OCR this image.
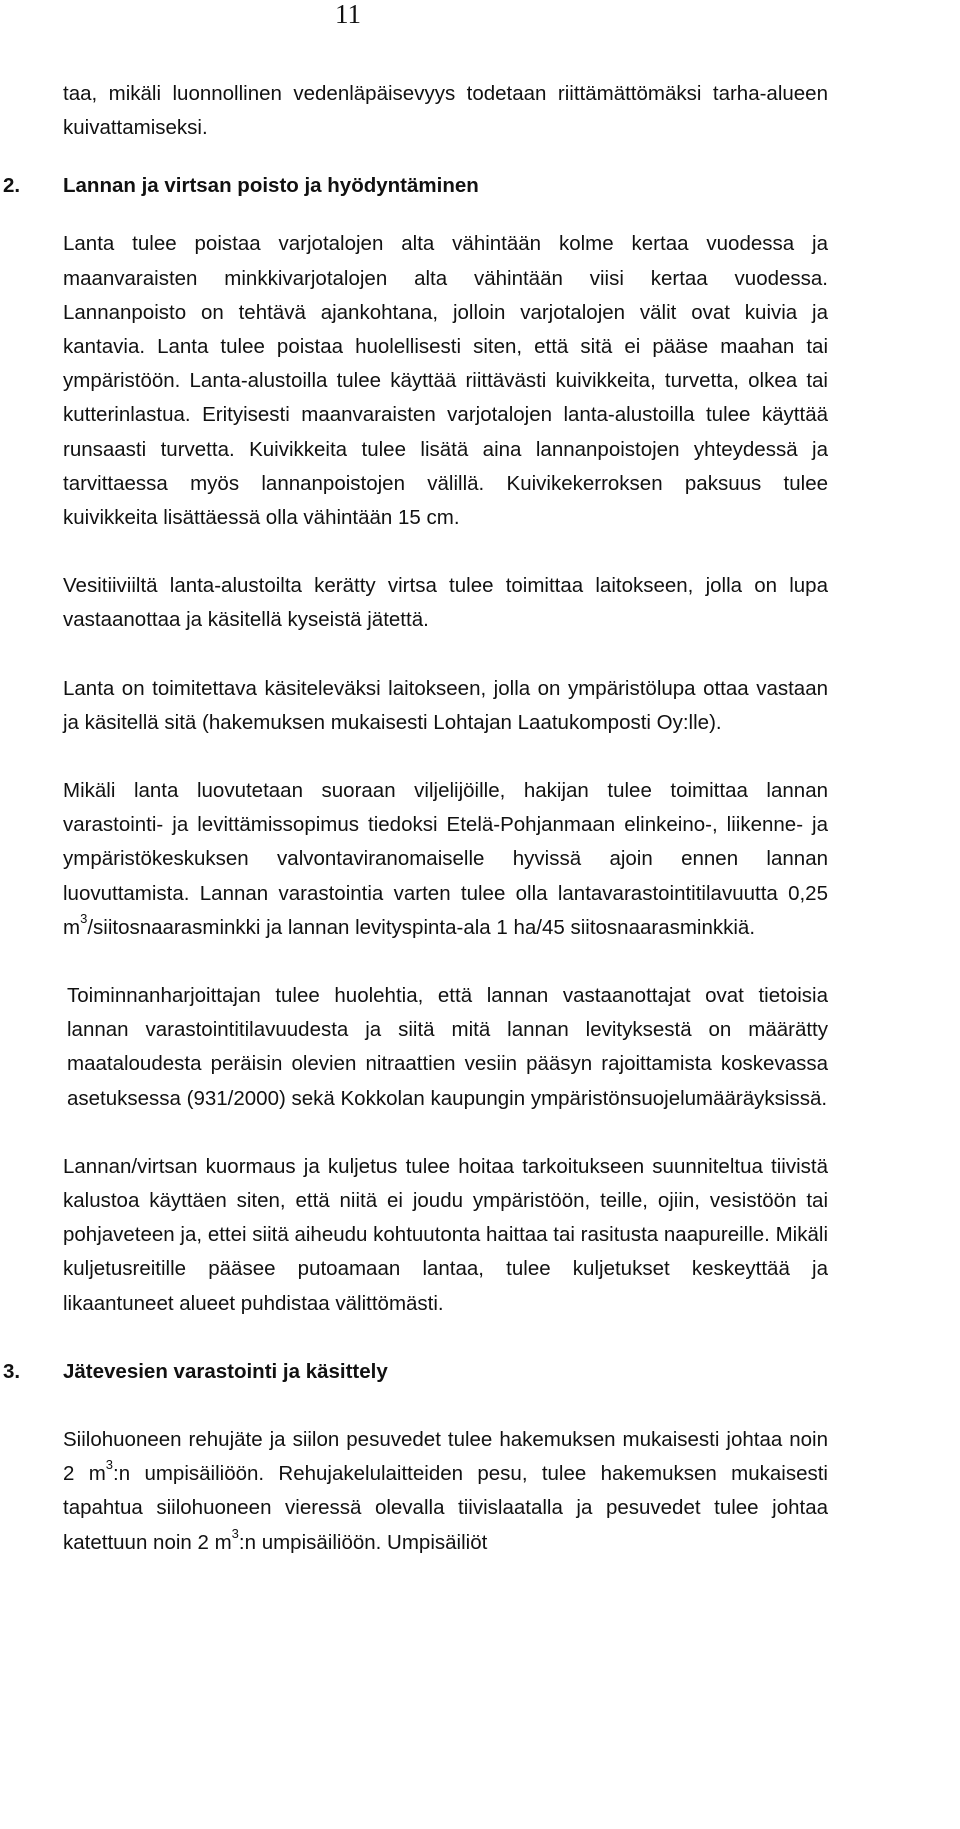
11

taa, mikäli luonnollinen vedenläpäisevyys todetaan riittämättömäksi tarha-alueen kuivattamiseksi.

2. Lannan ja virtsan poisto ja hyödyntäminen

Lanta tulee poistaa varjotalojen alta vähintään kolme kertaa vuodessa ja maanvaraisten minkkivarjotalojen alta vähintään viisi kertaa vuodessa. Lannanpoisto on tehtävä ajankohtana, jolloin varjotalojen välit ovat kuivia ja kantavia. Lanta tulee poistaa huolellisesti siten, että sitä ei pääse maahan tai ympäristöön. Lanta-alustoilla tulee käyttää riittävästi kuivikkeita, turvetta, olkea tai kutterinlastua. Erityisesti maanvaraisten varjotalojen lanta-alustoilla tulee käyttää runsaasti turvetta. Kuivikkeita tulee lisätä aina lannanpoistojen yhteydessä ja tarvittaessa myös lannanpoistojen välillä. Kuivikekerroksen paksuus tulee kuivikkeita lisättäessä olla vähintään 15 cm.

Vesitiiviiltä lanta-alustoilta kerätty virtsa tulee toimittaa laitokseen, jolla on lupa vastaanottaa ja käsitellä kyseistä jätettä.

Lanta on toimitettava käsiteleväksi laitokseen, jolla on ympäristölupa ottaa vastaan ja käsitellä sitä (hakemuksen mukaisesti Lohtajan Laatukomposti Oy:lle).

Mikäli lanta luovutetaan suoraan viljelijöille, hakijan tulee toimittaa lannan varastointi- ja levittämissopimus tiedoksi Etelä-Pohjanmaan elinkeino-, liikenne- ja ympäristökeskuksen valvontaviranomaiselle hyvissä ajoin ennen lannan luovuttamista. Lannan varastointia varten tulee olla lantavarastointitilavuutta 0,25 $m^3$/siitosnaarasminkki ja lannan levityspinta-ala 1 ha/45 siitosnaarasminkkiä.

Toiminnanharjoittajan tulee huolehtia, että lannan vastaanottajat ovat tietoisia lannan varastointitilavuudesta ja siitä mitä lannan levityksestä on määrätty maataloudesta peräisin olevien nitraattien vesiin pääsyn rajoittamista koskevassa asetuksessa (931/2000) sekä Kokkolan kaupungin ympäristönsuojelumääräyksissä.

Lannan/virtsan kuormaus ja kuljetus tulee hoitaa tarkoitukseen suunniteltua tiivistä kalustoa käyttäen siten, että niitä ei joudu ympäristöön, teille, ojiin, vesistöön tai pohjaveteen ja, ettei siitä aiheudu kohtuutonta haittaa tai rasitusta naapureille. Mikäli kuljetusreitille pääsee putoamaan lantaa, tulee kuljetukset keskeyttää ja likaantuneet alueet puhdistaa välittömästi.

3. Jätevesien varastointi ja käsittely

Siilohuoneen rehujäte ja siilon pesuvedet tulee hakemuksen mukaisesti johtaa noin 2 $m^3:n$ umpisäiliöön. Rehujakelulaitteiden pesu, tulee hakemuksen mukaisesti tapahtua siilohuoneen vieressä olevalla tiivislaatalla ja pesuvedet tulee johtaa katettuun noin 2 $m^3:n$ umpisäiliöön. Umpisäiliöt
